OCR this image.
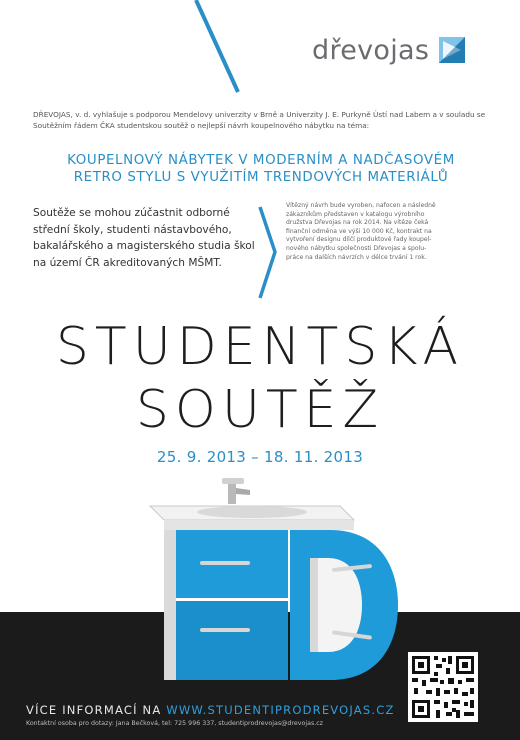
dřevojas
DŘEVOJAS, v. d. vyhlašuje s podporou Mendelovy univerzity v Brně a Univerzity J. E. Purkyně Ústí nad Labem a v souladu se Soutěžním řádem ČKA studentskou soutěž o nejlepší návrh koupelnového nábytku na téma:
KOUPELNOVÝ NÁBYTEK V MODERNÍM A NADČASOVÉM
RETRO STYLU S VYUŽITÍM TRENDOVÝCH MATERIÁLŮ
Soutěže se mohou zúčastnit odborné
střední školy, studenti nástavbového,
bakalářského a magisterského studia škol
na území ČR akreditovaných MŠMT.
Vítězný návrh bude vyroben, nafocen a následně
zákazníkům představen v katalogu výrobního
družstva Dřevojas na rok 2014. Na vítěze čeká
finanční odměna ve výši 10 000 Kč, kontrakt na
vytvoření designu dílčí produktové řady koupel-
nového nábytku společnosti Dřevojas a spolu-
práce na dalších návrzích v délce trvání 1 rok.
STUDENTSKÁ
SOUTĚŽ
25. 9. 2013 – 18. 11. 2013
VÍCE INFORMACÍ NA WWW.STUDENTIPRODREVOJAS.CZ
Kontaktní osoba pro dotazy: Jana Bečková, tel: 725 996 337, studentiprodrevojas@drevojas.cz
